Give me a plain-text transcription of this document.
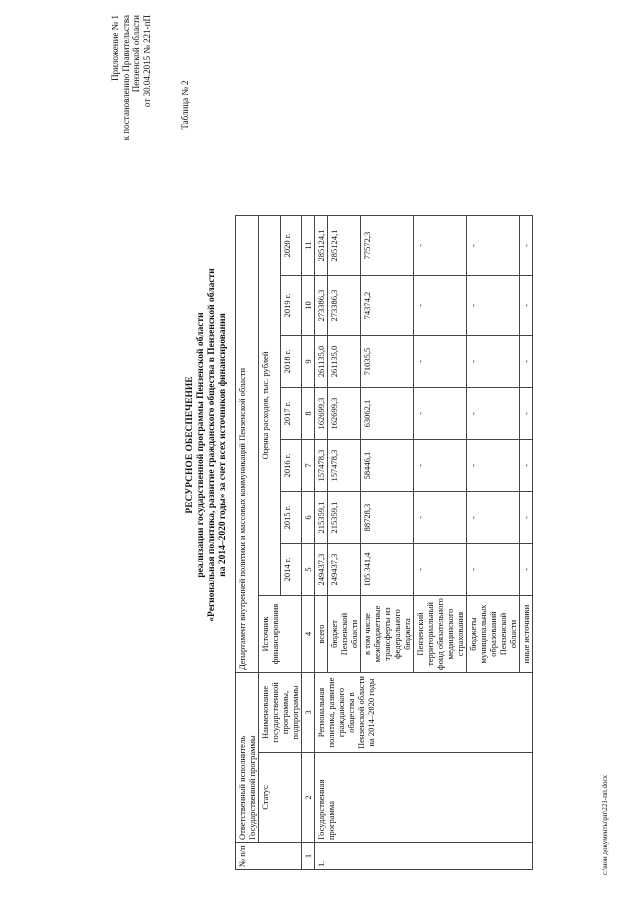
Приложение № 1 к постановлению Правительства Пензенской области от 30.04.2015 № 221-пП	Таблица № 2
РЕСУРСНОЕ ОБЕСПЕЧЕНИЕ реализации государственной программы Пензенской области «Региональная политика, развитие гражданского общества в Пензенской области на 2014–2020 годы» за счет всех источников финансирования
№ п/п	Ответственный исполнитель Государственной программы		Департамент внутренней политики и массовых коммуникаций Пензенской области							
	Статус	Наименование государственной программы, подпрограммы	Источник финансирования	Оценка расходов, тыс. рублей						
				2014 г.	2015 г.	2016 г.	2017 г.	2018 г.	2019 г.	2020 г.
1	2	3	4	5	6	7	8	9	10	11
1.	Государственная программа	Региональная политика, развитие гражданского общества в Пензенской области на 2014–2020 годы	всего	249437,3	215359,1	157478,3	162699,3	261135,0	273386,3	285124,1
			бюджет Пензенской области	249437,3	215359,1	157478,3	162699,3	261135,0	273386,3	285124,1
			в том числе межбюджетные трансферты из федерального бюджета	105 341,4	88728,3	58446,1	63062,1	71035,5	74374,2	77572,3
			Пензенский территориальный фонд обязательного медицинского страхования	-	-	-	-	-	-	-
			бюджеты муниципальных образований Пензенской области	-	-	-	-	-	-	-
			иные источники	-	-	-	-	-	-	-
c:\мои документы\рп\221-пп.docx
